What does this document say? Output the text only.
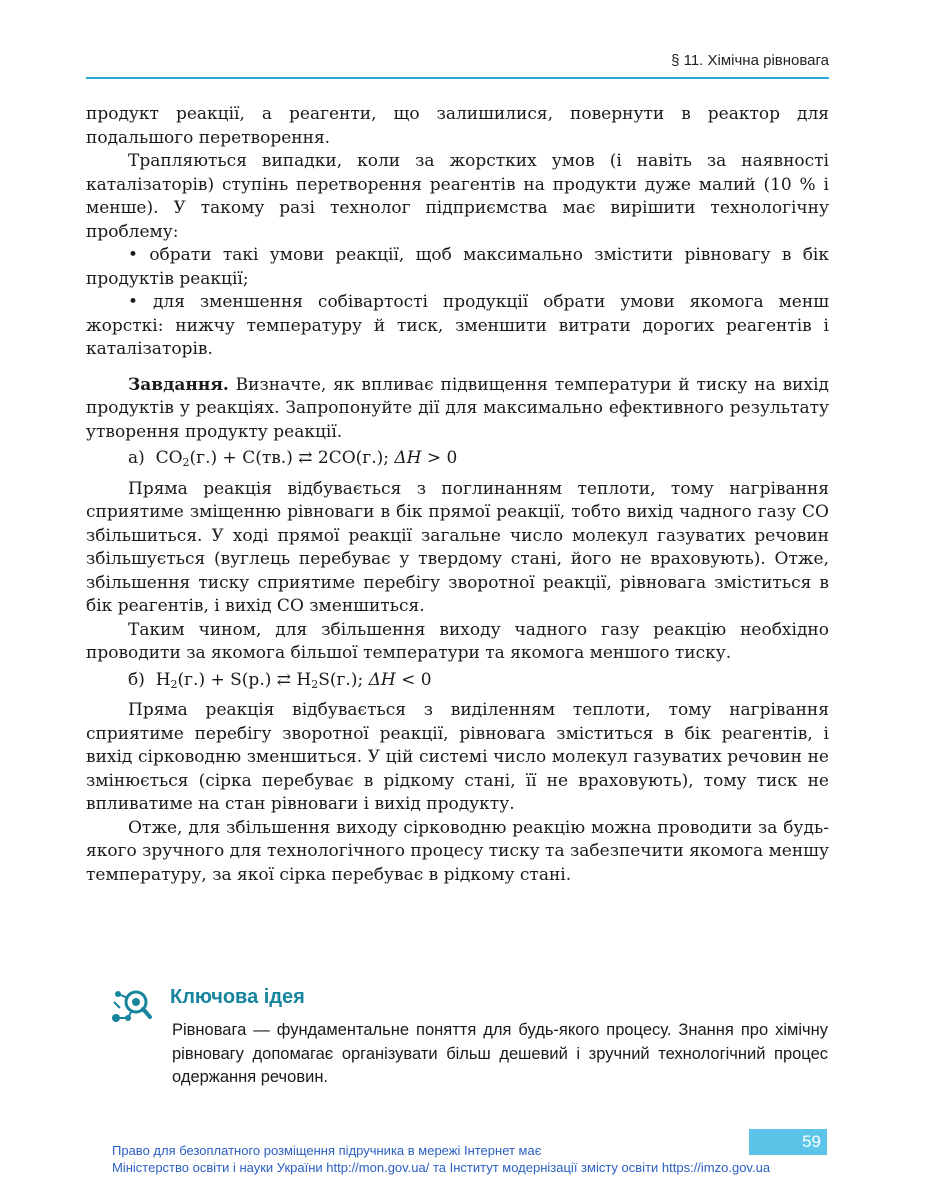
§ 11. Хімічна рівновага

продукт реакції, а реагенти, що залишилися, повернути в реактор для подальшого перетворення.

Трапляються випадки, коли за жорстких умов (і навіть за наявності каталізаторів) ступінь перетворення реагентів на продукти дуже малий (10 % і менше). У такому разі технолог підприємства має вирішити технологічну проблему:

• обрати такі умови реакції, щоб максимально змістити рівновагу в бік продуктів реакції;

• для зменшення собівартості продукції обрати умови якомога менш жорсткі: нижчу температуру й тиск, зменшити витрати дорогих реагентів і каталізаторів.

Завдання. Визначте, як впливає підвищення температури й тиску на вихід продуктів у реакціях. Запропонуйте дії для максимально ефективного результату утворення продукту реакції.

а) $CO_2(г.) + C(тв.)$ ⇄ 2CO(г.); ΔH > 0

Пряма реакція відбувається з поглинанням теплоти, тому нагрівання сприятиме зміщенню рівноваги в бік прямої реакції, тобто вихід чадного газу CO збільшиться. У ході прямої реакції загальне число молекул газуватих речовин збільшується (вуглець перебуває у твердому стані, його не враховують). Отже, збільшення тиску сприятиме перебігу зворотної реакції, рівновага зміститься в бік реагентів, і вихід CO зменшиться.

Таким чином, для збільшення виходу чадного газу реакцію необхідно проводити за якомога більшої температури та якомога меншого тиску.

б) $H_2(г.) + S(р.)$ ⇄ $H_2S(г.)$; ΔH < 0

Пряма реакція відбувається з виділенням теплоти, тому нагрівання сприятиме перебігу зворотної реакції, рівновага зміститься в бік реагентів, і вихід сірководню зменшиться. У цій системі число молекул газуватих речовин не змінюється (сірка перебуває в рідкому стані, її не враховують), тому тиск не впливатиме на стан рівноваги і вихід продукту.

Отже, для збільшення виходу сірководню реакцію можна проводити за будь-якого зручного для технологічного процесу тиску та забезпечити якомога меншу температуру, за якої сірка перебуває в рідкому стані.

Ключова ідея
Рівновага — фундаментальне поняття для будь-якого процесу. Знання про хімічну рівновагу допомагає організувати більш дешевий і зручний технологічний процес одержання речовин.
59
Право для безоплатного розміщення підручника в мережі Інтернет має
Міністерство освіти і науки України http://mon.gov.ua/ та Інститут модернізації змісту освіти https://imzo.gov.ua
